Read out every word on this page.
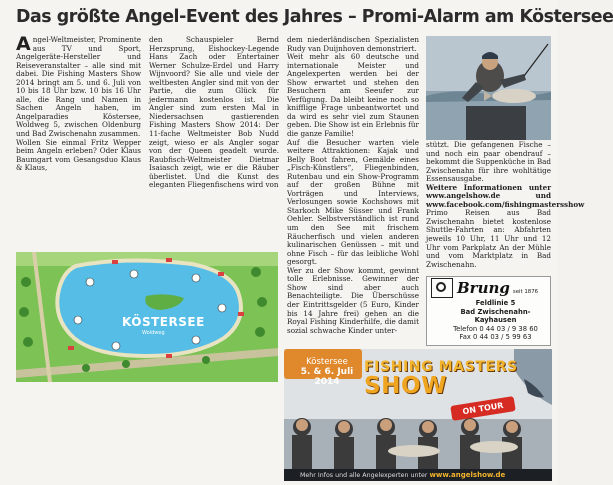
Das größte Angel-Event des Jahres – Promi-Alarm am Köstersee

Angel-Weltmeister, Prominente aus TV und Sport, Angelgeräte-Hersteller und Reiseveranstalter – alle sind mit dabei. Die Fishing Masters Show 2014 bringt am 5. und 6. Juli von 10 bis 18 Uhr bzw. 10 bis 16 Uhr alle, die Rang und Namen in Sachen Angeln haben, im Angelparadies Köstersee, Woldweg 5, zwischen Oldenburg und Bad Zwischenahn zusammen.

Wollen Sie einmal Fritz Wepper beim Angeln erleben? Oder Klaus Baumgart vom Gesangsduo Klaus & Klaus,

den Schauspieler Bernd Herzsprung, Eishockey-Legende Hans Zach oder Entertainer Werner Schulze-Erdel und Harry Wijnvoord? Sie alle und viele der weltbesten Angler sind mit von der Partie, die zum Glück für jedermann kostenlos ist. Die Angler sind zum ersten Mal in Niedersachsen gastierenden Fishing Masters Show 2014: Der 11-fache Weltmeister Bob Nudd zeigt, wieso er als Angler sogar von der Queen geadelt wurde. Raubfisch-Weltmeister Dietmar Isaiasch zeigt, wie er die Räuber überlistet. Und die Kunst des eleganten Fliegenfischens wird von

dem niederländischen Spezialisten Rudy van Duijnhoven demonstriert.

Weit mehr als 60 deutsche und internationale Meister und Angelexperten werden bei der Show erwartet und stehen den Besuchern am Seeufer zur Verfügung. Da bleibt keine noch so knifflige Frage unbeantwortet und da wird es sehr viel zum Staunen geben. Die Show ist ein Erlebnis für die ganze Familie!

Auf die Besucher warten viele weitere Attraktionen: Kajak und Belly Boot fahren, Gemälde eines „Fisch-Künstlers“, Fliegenbinden, Rutenbau und ein Show-Programm auf der großen Bühne mit Vorträgen und Interviews, Verlosungen sowie Kochshows mit Starkoch Mike Süsser und Frank Oehler. Selbstverständlich ist rund um den See mit frischem Räucherfisch und vielen anderen kulinarischen Genüssen – mit und ohne Fisch – für das leibliche Wohl gesorgt.

Wer zu der Show kommt, gewinnt tolle Erlebnisse. Gewinner der Show sind aber auch Benachteiligte. Die Überschüsse der Eintrittsgelder (5 Euro, Kinder bis 14 Jahre frei) gehen an die Royal Fishing Kinderhilfe, die damit sozial schwache Kinder unter-

stützt. Die gefangenen Fische – und noch ein paar obendrauf – bekommt die Suppenküche in Bad Zwischenahn für ihre wohltätige Essensausgabe.

Weitere Informationen unter www.angelshow.de und www.facebook.com/fishingmastersshow

Primo Reisen aus Bad Zwischenahn bietet kostenlose Shuttle-Fahrten an: Abfahrten jeweils 10 Uhr, 11 Uhr und 12 Uhr vom Parkplatz An der Mühle und vom Marktplatz in Bad Zwischenahn.

KÖSTERSEE
Woldweg
Brung seit 1876
Feldlinie 5
Bad Zwischenahn-Kayhausen
Telefon 0 44 03 / 9 38 60
Fax 0 44 03 / 5 99 63
Köstersee
5. & 6. Juli
2014
FISHING MASTERS
SHOW
ON TOUR
Mehr Infos und alle Angelexperten unter www.angelshow.de
